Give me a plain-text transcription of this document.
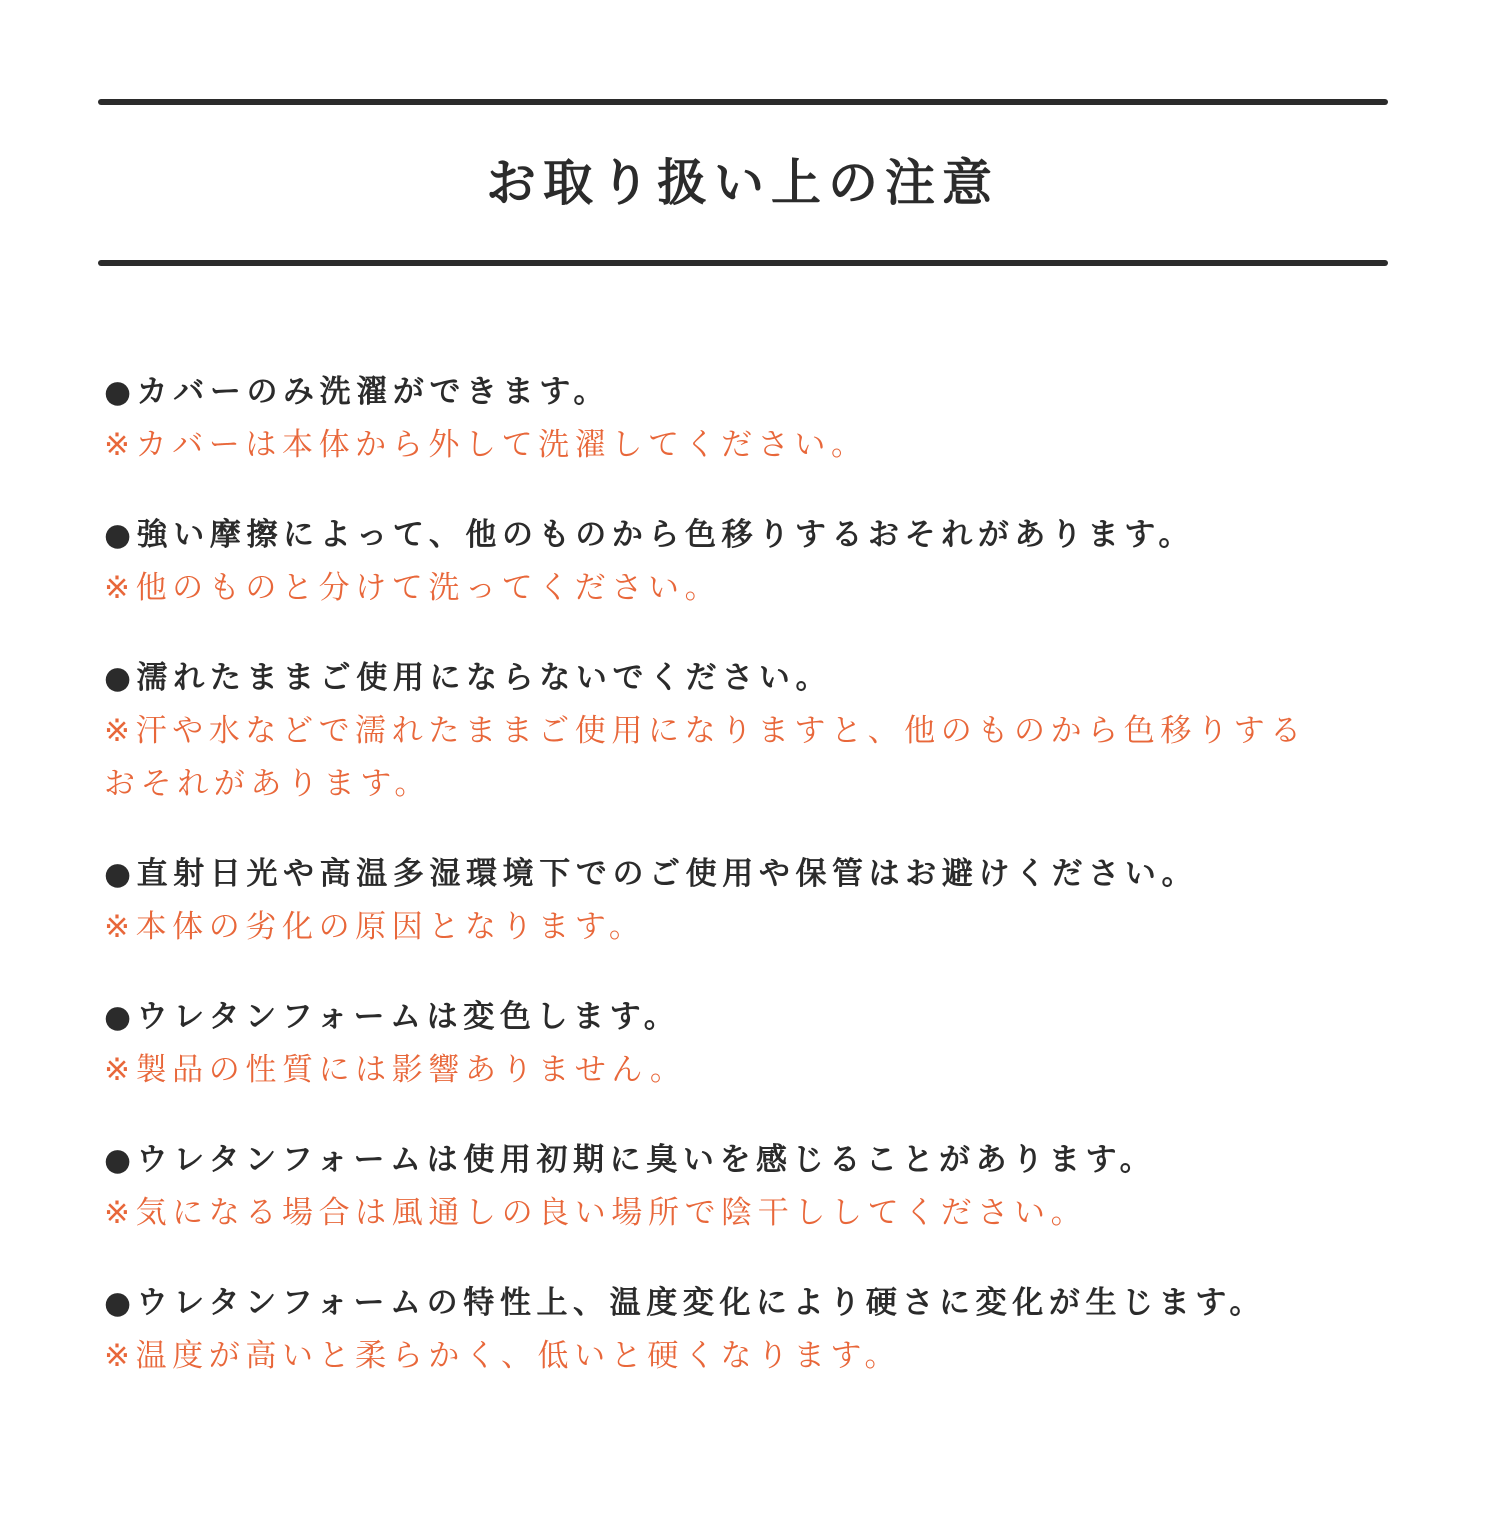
お取り扱い上の注意
●カバーのみ洗濯ができます。
※カバーは本体から外して洗濯してください。
●強い摩擦によって、他のものから色移りするおそれがあります。
※他のものと分けて洗ってください。
●濡れたままご使用にならないでください。
※汗や水などで濡れたままご使用になりますと、他のものから色移りする
おそれがあります。
●直射日光や高温多湿環境下でのご使用や保管はお避けください。
※本体の劣化の原因となります。
●ウレタンフォームは変色します。
※製品の性質には影響ありません。
●ウレタンフォームは使用初期に臭いを感じることがあります。
※気になる場合は風通しの良い場所で陰干ししてください。
●ウレタンフォームの特性上、温度変化により硬さに変化が生じます。
※温度が高いと柔らかく、低いと硬くなります。
